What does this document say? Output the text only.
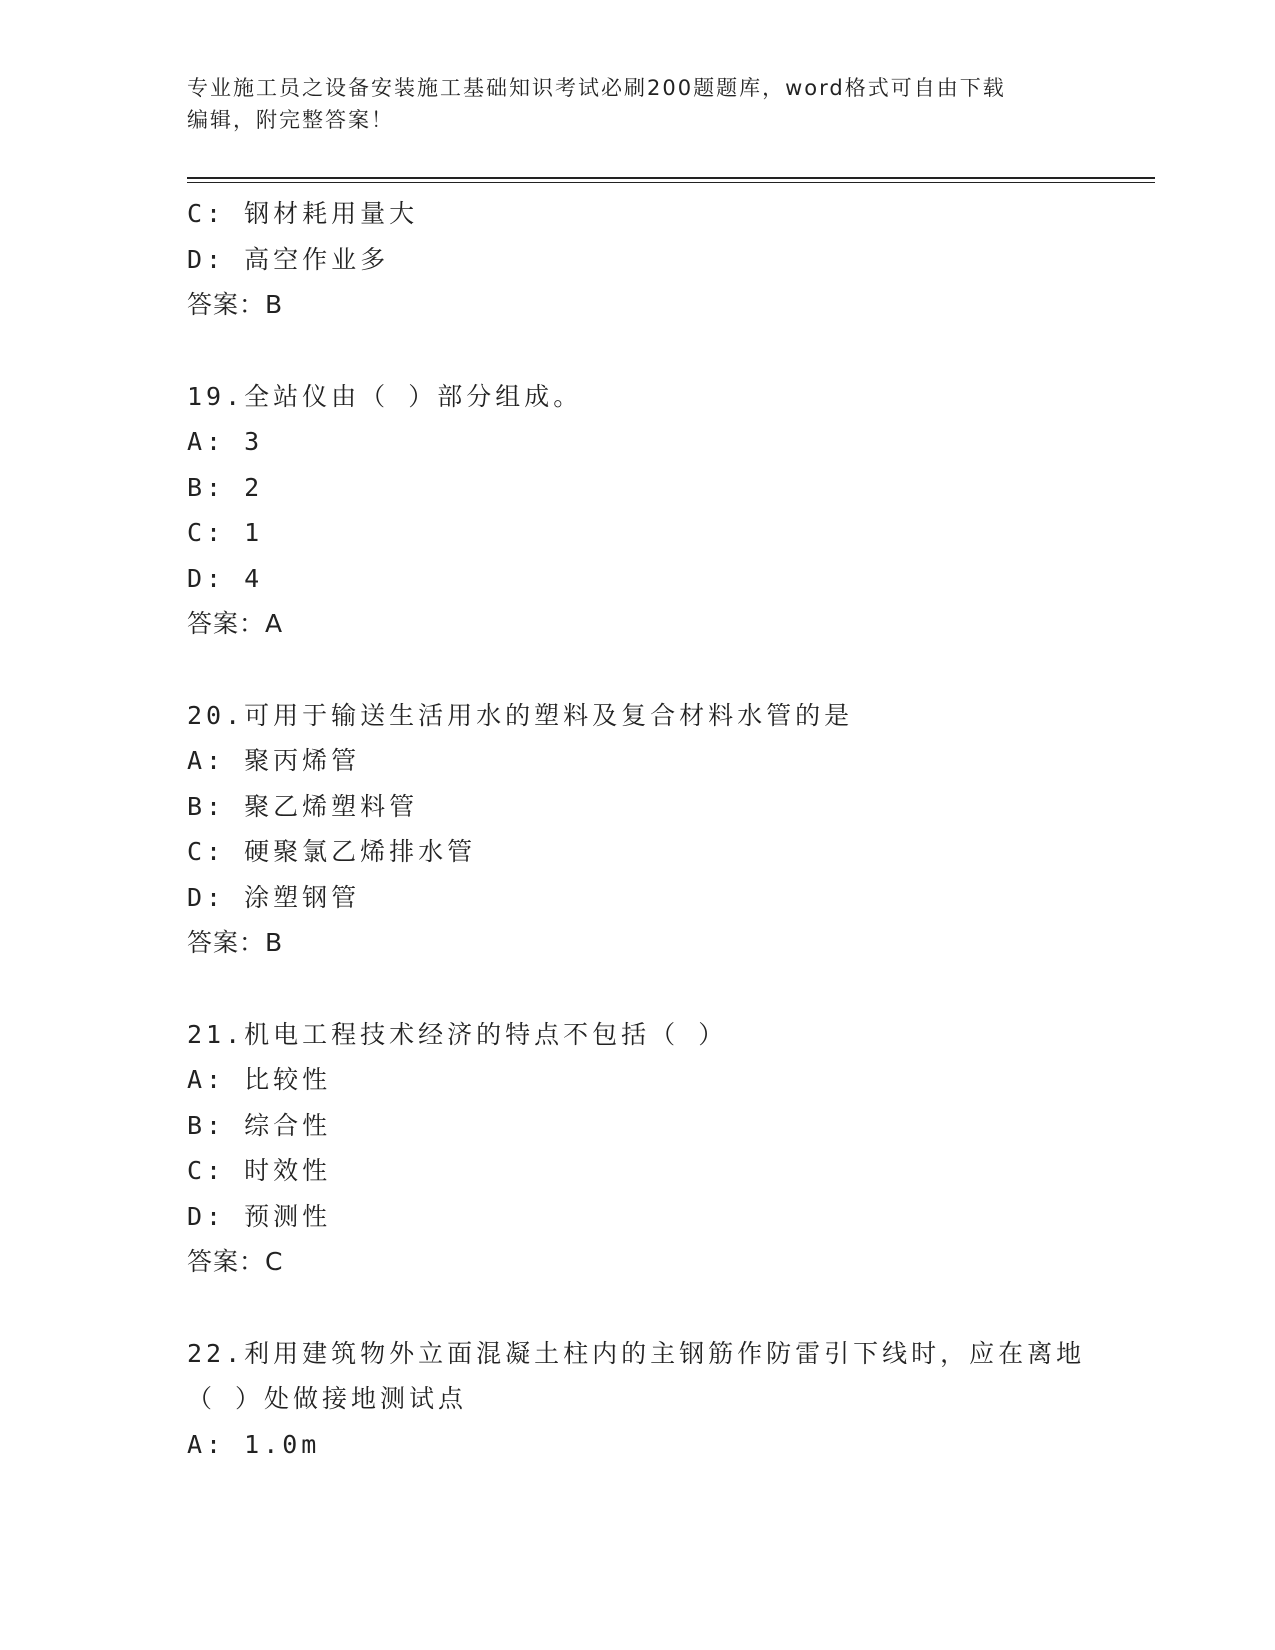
专业施工员之设备安装施工基础知识考试必刷200题题库，word格式可自由下载
编辑，附完整答案！
C: 钢材耗用量大
D: 高空作业多
答案：B
19.全站仪由（ ）部分组成。
A: 3
B: 2
C: 1
D: 4
答案：A
20.可用于输送生活用水的塑料及复合材料水管的是
A: 聚丙烯管
B: 聚乙烯塑料管
C: 硬聚氯乙烯排水管
D: 涂塑钢管
答案：B
21.机电工程技术经济的特点不包括（ ）
A: 比较性
B: 综合性
C: 时效性
D: 预测性
答案：C
22.利用建筑物外立面混凝土柱内的主钢筋作防雷引下线时，应在离地
（ ）处做接地测试点
A: 1.0m
